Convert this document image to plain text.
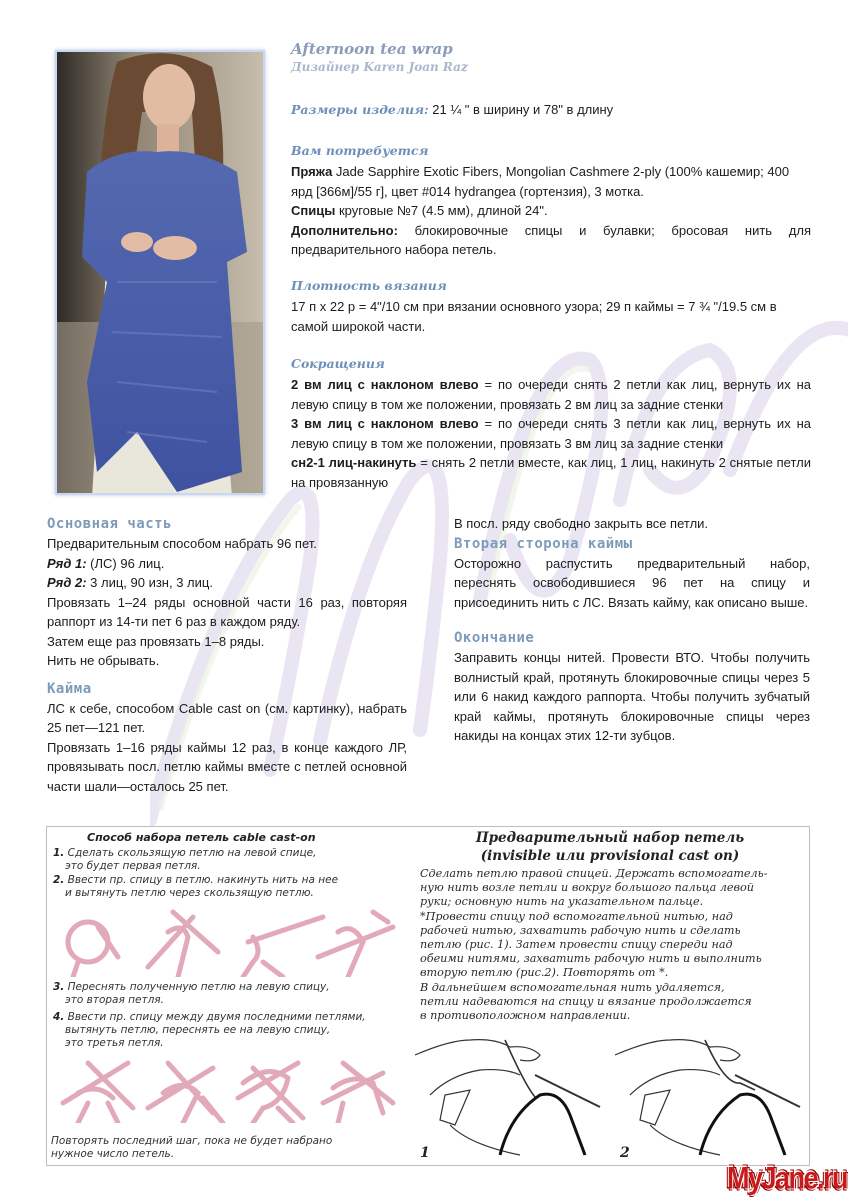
Afternoon tea wrap
Дизайнер Karen Joan Raz
Размеры изделия: 21 ¼ " в ширину и 78" в длину
Вам потребуется
Пряжа Jade Sapphire Exotic Fibers, Mongolian Cashmere 2-ply (100% кашемир; 400 ярд [366м]/55 г], цвет #014 hydrangea (гортензия), 3 мотка.
Спицы круговые №7 (4.5 мм), длиной 24".
Дополнительно: блокировочные спицы и булавки; бросовая нить для предварительного набора петель.
Плотность вязания
17 п х 22 р = 4"/10 см при вязании основного узора; 29 п каймы = 7 ¾ "/19.5 см в самой широкой части.
Сокращения
2 вм лиц с наклоном влево = по очереди снять 2 петли как лиц, вернуть их на левую спицу в том же положении, провязать 2 вм лиц за задние стенки
3 вм лиц с наклоном влево = по очереди снять 3 петли как лиц, вернуть их на левую спицу в том же положении, провязать 3 вм лиц за задние стенки
сн2-1 лиц-накинуть = снять 2 петли вместе, как лиц, 1 лиц, накинуть 2 снятые петли на провязанную
Основная часть
Предварительным способом набрать 96 пет.
Ряд 1: (ЛС) 96 лиц.
Ряд 2: 3 лиц, 90 изн, 3 лиц.
Провязать 1–24 ряды основной части 16 раз, повторяя раппорт из 14-ти пет 6 раз в каждом ряду.
Затем еще раз провязать 1–8 ряды.
Нить не обрывать.
Кайма
ЛС к себе, способом Cable cast on (см. картинку), набрать 25 пет—121 пет.
Провязать 1–16 ряды каймы 12 раз, в конце каждого ЛР, провязывать посл. петлю каймы вместе с петлей основной части шали—осталось 25 пет.
В посл. ряду свободно закрыть все петли.
Вторая сторона каймы
Осторожно распустить предварительный набор, переснять освободившиеся 96 пет на спицу и присоединить нить с ЛС. Вязать кайму, как описано выше.
Окончание
Заправить концы нитей. Провести ВТО. Чтобы получить волнистый край, протянуть блокировочные спицы через 5 или 6 накид каждого раппорта. Чтобы получить зубчатый край каймы, протянуть блокировочные спицы через накиды на концах этих 12-ти зубцов.
Способ набора петель cable cast-on
1. Сделать скользящую петлю на левой спице,
это будет первая петля.
2. Ввести пр. спицу в петлю. накинуть нить на нее
и вытянуть петлю через скользящую петлю.
3. Переснять полученную петлю на левую спицу,
это вторая петля.
4. Ввести пр. спицу между двумя последними петлями,
вытянуть петлю, переснять ее на левую спицу,
это третья петля.
Повторять последний шаг, пока не будет набрано
нужное число петель.
Предварительный набор петель
(invisible или provisional cast on)
Сделать петлю правой спицей. Держать вспомогатель-
ную нить возле петли и вокруг большого пальца левой
руки; основную нить на указательном пальце.
*Провести спицу под вспомогательной нитью, над
рабочей нитью, захватить рабочую нить и сделать
петлю (рис. 1). Затем провести спицу спереди над
обеими нитями, захватить рабочую нить и выполнить
вторую петлю (рис.2). Повторять от *.
В дальнейшем вспомогательная нить удаляется,
петли надеваются на спицу и вязание продолжается
в противоположном направлении.
1	2
MyJane.ru
